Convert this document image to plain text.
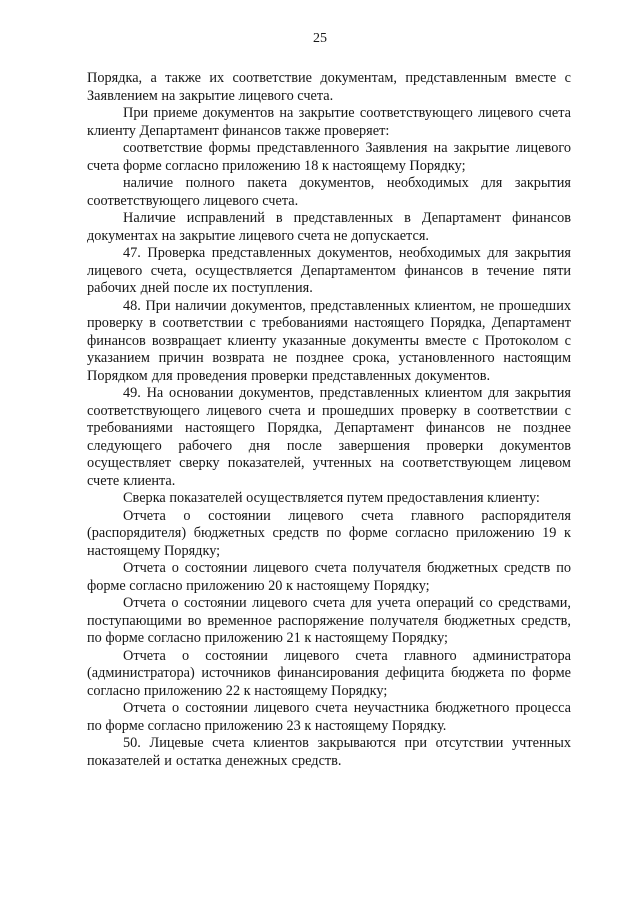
25

Порядка, а также их соответствие документам, представленным вместе с Заявлением на закрытие лицевого счета.

При приеме документов на закрытие соответствующего лицевого счета клиенту Департамент финансов также проверяет:

соответствие формы представленного Заявления на закрытие лицевого счета форме согласно приложению 18 к настоящему Порядку;

наличие полного пакета документов, необходимых для закрытия соответствующего лицевого счета.

Наличие исправлений в представленных в Департамент финансов документах на закрытие лицевого счета не допускается.

47. Проверка представленных документов, необходимых для закрытия лицевого счета, осуществляется Департаментом финансов в течение пяти рабочих дней после их поступления.

48. При наличии документов, представленных клиентом, не прошедших проверку в соответствии с требованиями настоящего Порядка, Департамент финансов возвращает клиенту указанные документы вместе с Протоколом с указанием причин возврата не позднее срока, установленного настоящим Порядком для проведения проверки представленных документов.

49. На основании документов, представленных клиентом для закрытия соответствующего лицевого счета и прошедших проверку в соответствии с требованиями настоящего Порядка, Департамент финансов не позднее следующего рабочего дня после завершения проверки документов осуществляет сверку показателей, учтенных на соответствующем лицевом счете клиента.

Сверка показателей осуществляется путем предоставления клиенту:

Отчета о состоянии лицевого счета главного распорядителя (распорядителя) бюджетных средств по форме согласно приложению 19 к настоящему Порядку;

Отчета о состоянии лицевого счета получателя бюджетных средств по форме согласно приложению 20 к настоящему Порядку;

Отчета о состоянии лицевого счета для учета операций со средствами, поступающими во временное распоряжение получателя бюджетных средств, по форме согласно приложению 21 к настоящему Порядку;

Отчета о состоянии лицевого счета главного администратора (администратора) источников финансирования дефицита бюджета по форме согласно приложению 22 к настоящему Порядку;

Отчета о состоянии лицевого счета неучастника бюджетного процесса по форме согласно приложению 23 к настоящему Порядку.

50. Лицевые счета клиентов закрываются при отсутствии учтенных показателей и остатка денежных средств.
